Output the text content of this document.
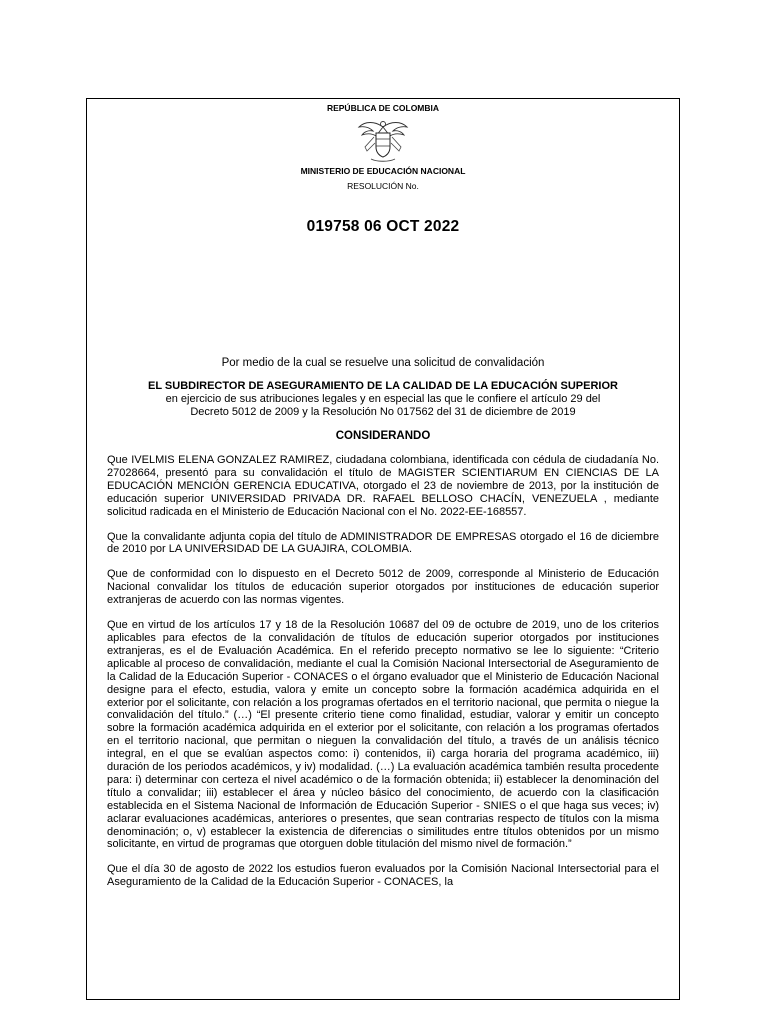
REPÚBLICA DE COLOMBIA
MINISTERIO DE EDUCACIÓN NACIONAL
RESOLUCIÓN No.
019758 06 OCT 2022
Por medio de la cual se resuelve una solicitud de convalidación
EL SUBDIRECTOR DE ASEGURAMIENTO DE LA CALIDAD DE LA EDUCACIÓN SUPERIOR
en ejercicio de sus atribuciones legales y en especial las que le confiere el artículo 29 del
Decreto 5012 de 2009 y la Resolución No 017562 del 31 de diciembre de 2019
CONSIDERANDO

Que IVELMIS ELENA GONZALEZ RAMIREZ, ciudadana colombiana, identificada con cédula de ciudadanía No. 27028664, presentó para su convalidación el título de MAGISTER SCIENTIARUM EN CIENCIAS DE LA EDUCACIÓN MENCIÓN GERENCIA EDUCATIVA, otorgado el 23 de noviembre de 2013, por la institución de educación superior UNIVERSIDAD PRIVADA DR. RAFAEL BELLOSO CHACÍN, VENEZUELA , mediante solicitud radicada en el Ministerio de Educación Nacional con el No. 2022-EE-168557.

Que la convalidante adjunta copia del título de ADMINISTRADOR DE EMPRESAS otorgado el 16 de diciembre de 2010 por LA UNIVERSIDAD DE LA GUAJIRA, COLOMBIA.

Que de conformidad con lo dispuesto en el Decreto 5012 de 2009, corresponde al Ministerio de Educación Nacional convalidar los títulos de educación superior otorgados por instituciones de educación superior extranjeras de acuerdo con las normas vigentes.

Que en virtud de los artículos 17 y 18 de la Resolución 10687 del 09 de octubre de 2019, uno de los criterios aplicables para efectos de la convalidación de títulos de educación superior otorgados por instituciones extranjeras, es el de Evaluación Académica. En el referido precepto normativo se lee lo siguiente: “Criterio aplicable al proceso de convalidación, mediante el cual la Comisión Nacional Intersectorial de Aseguramiento de la Calidad de la Educación Superior - CONACES o el órgano evaluador que el Ministerio de Educación Nacional designe para el efecto, estudia, valora y emite un concepto sobre la formación académica adquirida en el exterior por el solicitante, con relación a los programas ofertados en el territorio nacional, que permita o niegue la convalidación del título.” (…) “El presente criterio tiene como finalidad, estudiar, valorar y emitir un concepto sobre la formación académica adquirida en el exterior por el solicitante, con relación a los programas ofertados en el territorio nacional, que permitan o nieguen la convalidación del título, a través de un análisis técnico integral, en el que se evalúan aspectos como: i) contenidos, ii) carga horaria del programa académico, iii) duración de los periodos académicos, y iv) modalidad. (…) La evaluación académica también resulta procedente para: i) determinar con certeza el nivel académico o de la formación obtenida; ii) establecer la denominación del título a convalidar; iii) establecer el área y núcleo básico del conocimiento, de acuerdo con la clasificación establecida en el Sistema Nacional de Información de Educación Superior - SNIES o el que haga sus veces; iv) aclarar evaluaciones académicas, anteriores o presentes, que sean contrarias respecto de títulos con la misma denominación; o, v) establecer la existencia de diferencias o similitudes entre títulos obtenidos por un mismo solicitante, en virtud de programas que otorguen doble titulación del mismo nivel de formación.”

Que el día 30 de agosto de 2022 los estudios fueron evaluados por la Comisión Nacional Intersectorial para el Aseguramiento de la Calidad de la Educación Superior - CONACES, la
